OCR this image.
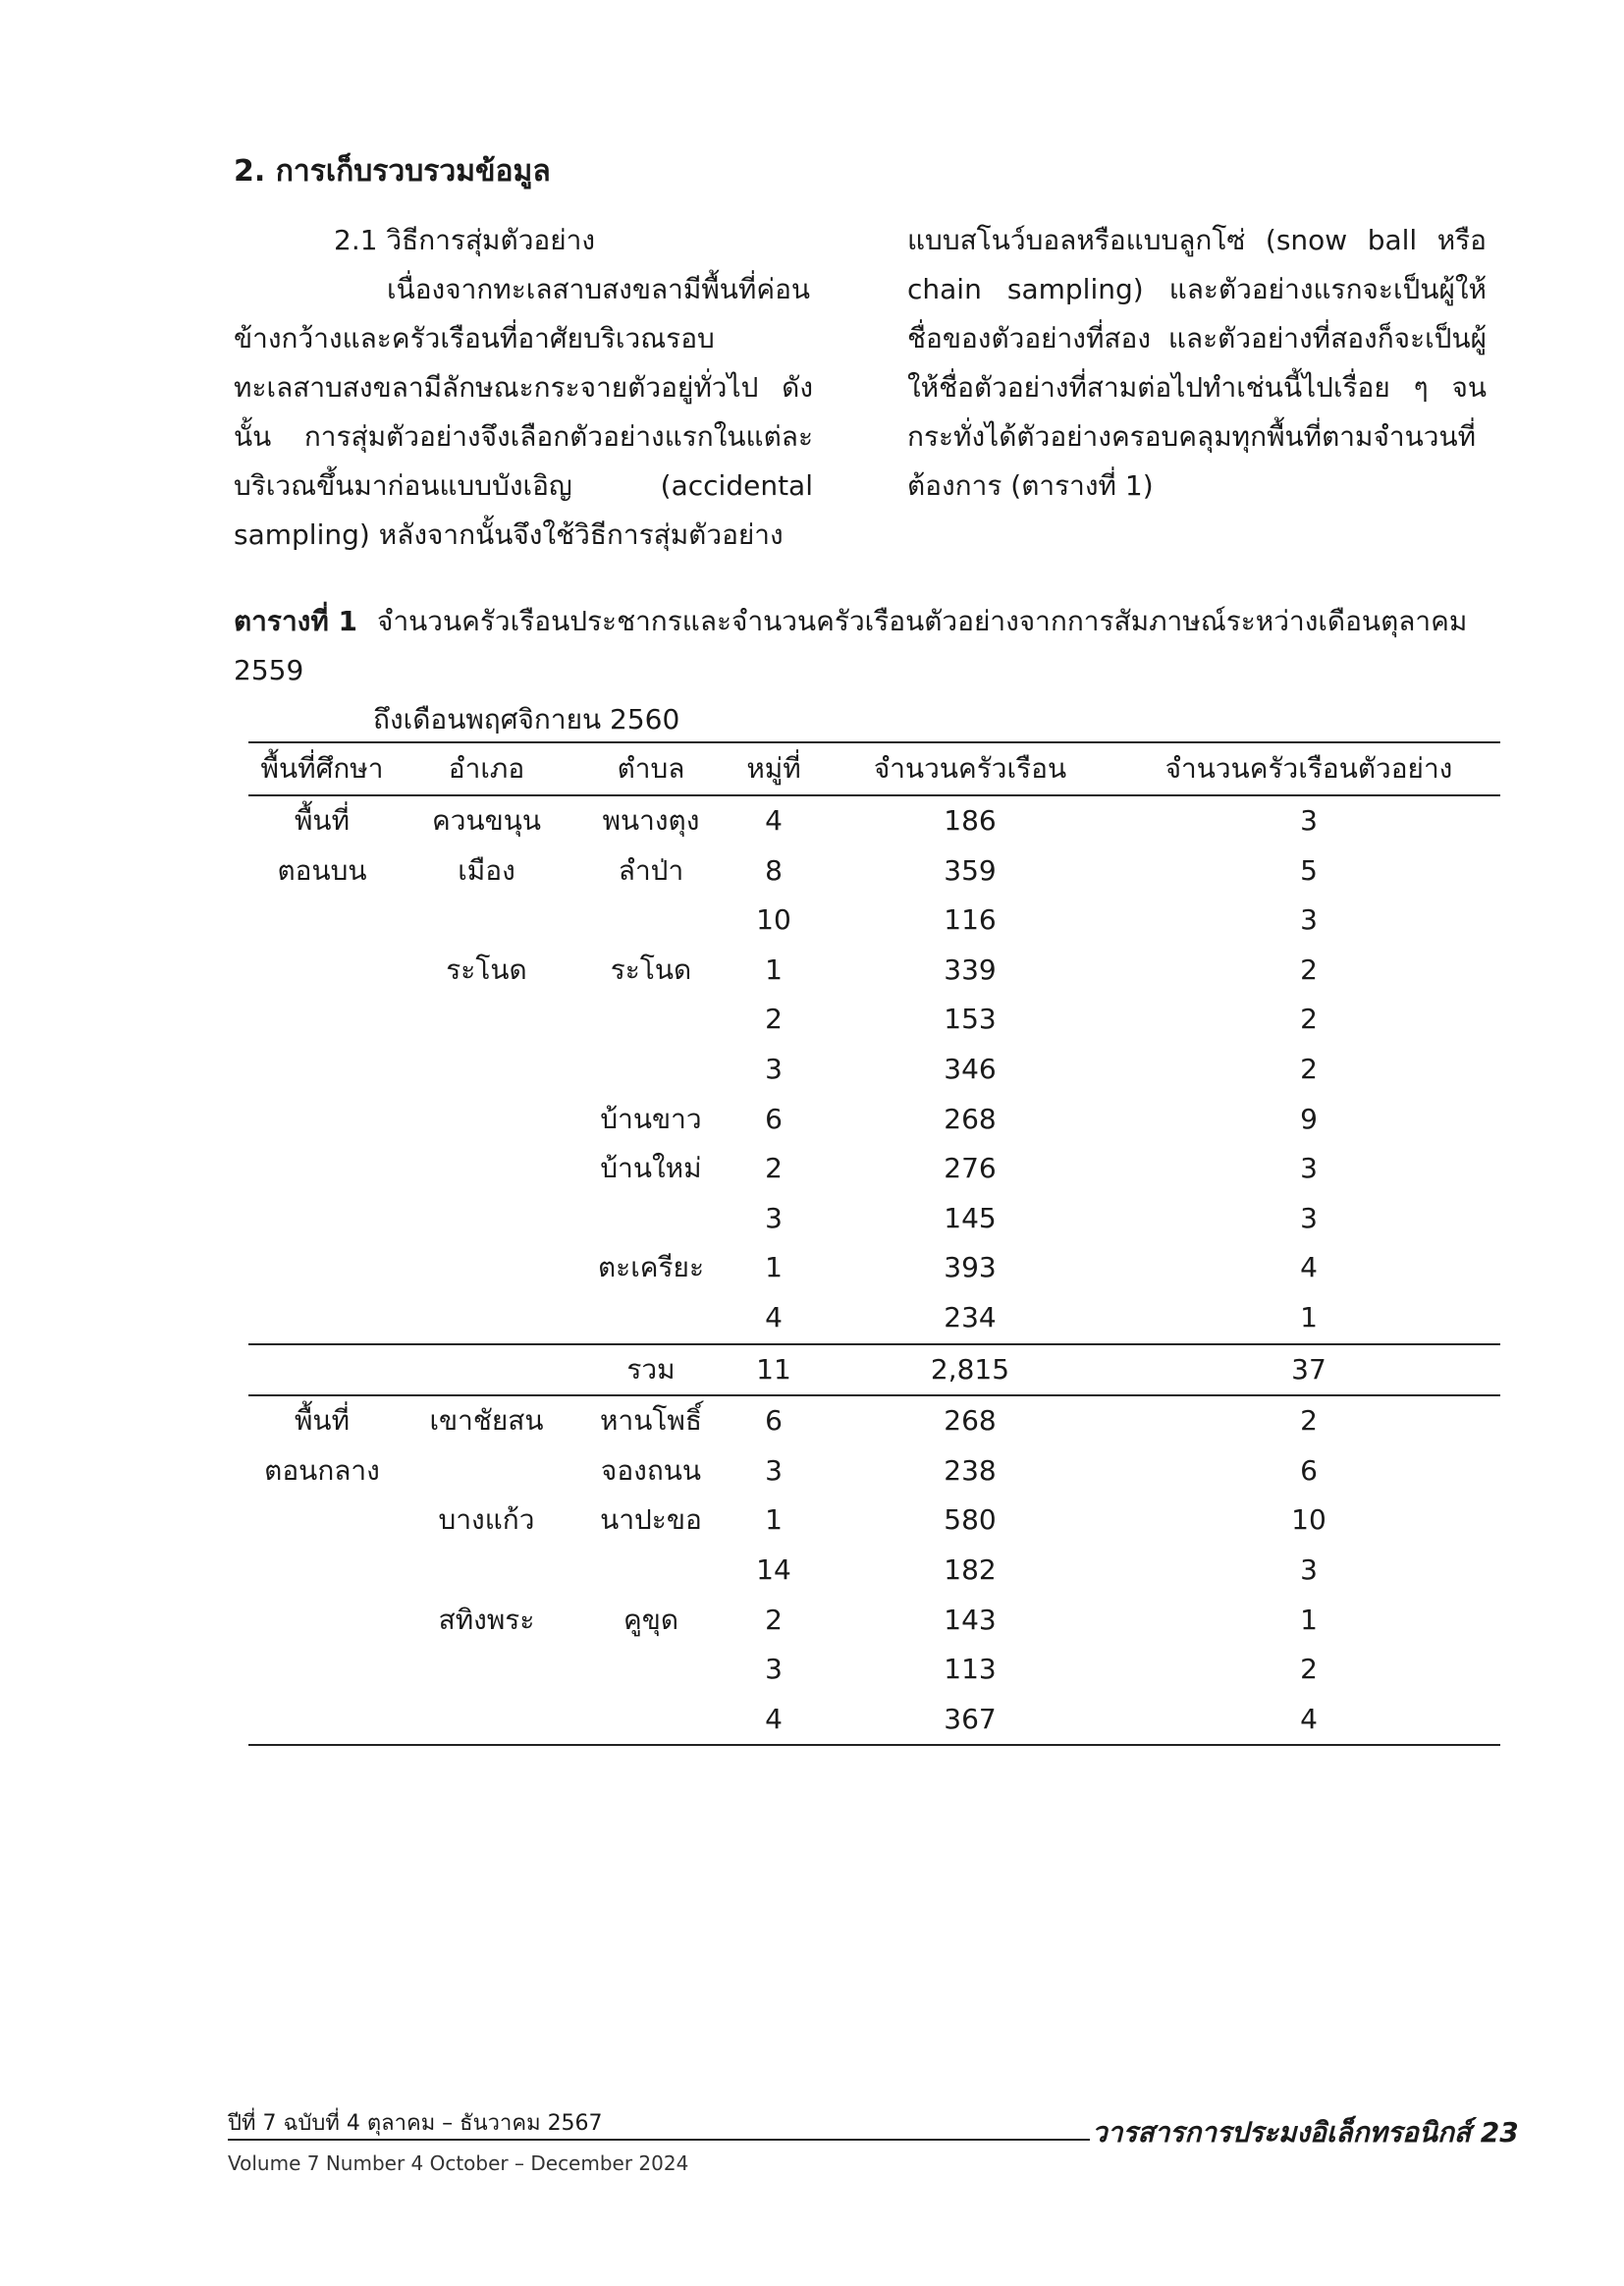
2. การเก็บรวบรวมข้อมูล

2.1 วิธีการสุ่มตัวอย่าง

เนื่องจากทะเลสาบสงขลามีพื้นที่ค่อนข้างกว้างและครัวเรือนที่อาศัยบริเวณรอบทะเลสาบสงขลามีลักษณะกระจายตัวอยู่ทั่วไป ดังนั้น การสุ่มตัวอย่างจึงเลือกตัวอย่างแรกในแต่ละบริเวณขึ้นมาก่อนแบบบังเอิญ (accidental sampling) หลังจากนั้นจึงใช้วิธีการสุ่มตัวอย่าง

แบบสโนว์บอลหรือแบบลูกโซ่ (snow ball หรือ chain sampling) และตัวอย่างแรกจะเป็นผู้ให้ชื่อของตัวอย่างที่สอง และตัวอย่างที่สองก็จะเป็นผู้ให้ชื่อตัวอย่างที่สามต่อไปทำเช่นนี้ไปเรื่อย ๆ จนกระทั่งได้ตัวอย่างครอบคลุมทุกพื้นที่ตามจำนวนที่ต้องการ (ตารางที่ 1)

ตารางที่ 1 จำนวนครัวเรือนประชากรและจำนวนครัวเรือนตัวอย่างจากการสัมภาษณ์ระหว่างเดือนตุลาคม 2559
ถึงเดือนพฤศจิกายน 2560

พื้นที่ศึกษา	อำเภอ	ตำบล	หมู่ที่	จำนวนครัวเรือน	จำนวนครัวเรือนตัวอย่าง
พื้นที่	ควนขนุน	พนางตุง	4	186	3
ตอนบน	เมือง	ลำป่า	8	359	5
			10	116	3
	ระโนด	ระโนด	1	339	2
			2	153	2
			3	346	2
		บ้านขาว	6	268	9
		บ้านใหม่	2	276	3
			3	145	3
		ตะเครียะ	1	393	4
			4	234	1
		รวม	11	2,815	37
พื้นที่	เขาชัยสน	หานโพธิ์	6	268	2
ตอนกลาง		จองถนน	3	238	6
	บางแก้ว	นาปะขอ	1	580	10
			14	182	3
	สทิงพระ	คูขุด	2	143	1
			3	113	2
			4	367	4
ปีที่ 7 ฉบับที่ 4 ตุลาคม – ธันวาคม 2567
Volume 7 Number 4 October – December 2024
วารสารการประมงอิเล็กทรอนิกส์ 23
